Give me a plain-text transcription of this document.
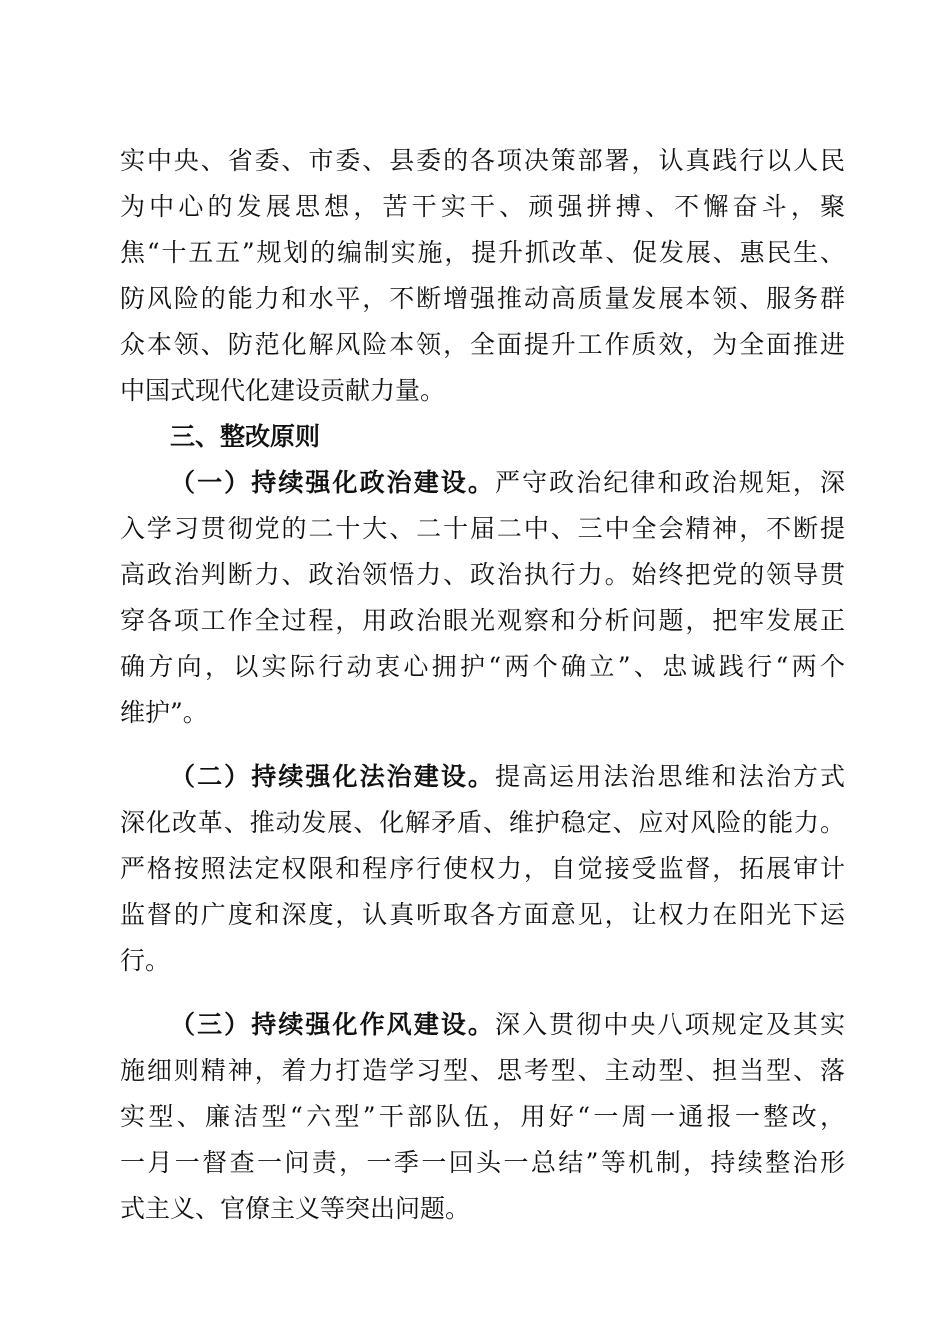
实中央、省委、市委、县委的各项决策部署，认真践行以人民
为中心的发展思想，苦干实干、顽强拼搏、不懈奋斗，聚
焦“十五五”规划的编制实施，提升抓改革、促发展、惠民生、
防风险的能力和水平，不断增强推动高质量发展本领、服务群
众本领、防范化解风险本领，全面提升工作质效，为全面推进
中国式现代化建设贡献力量。
三、整改原则
（一）持续强化政治建设。严守政治纪律和政治规矩，深
入学习贯彻党的二十大、二十届二中、三中全会精神，不断提
高政治判断力、政治领悟力、政治执行力。始终把党的领导贯
穿各项工作全过程，用政治眼光观察和分析问题，把牢发展正
确方向，以实际行动衷心拥护“两个确立”、忠诚践行“两个
维护”。
（二）持续强化法治建设。提高运用法治思维和法治方式
深化改革、推动发展、化解矛盾、维护稳定、应对风险的能力。
严格按照法定权限和程序行使权力，自觉接受监督，拓展审计
监督的广度和深度，认真听取各方面意见，让权力在阳光下运
行。
（三）持续强化作风建设。深入贯彻中央八项规定及其实
施细则精神，着力打造学习型、思考型、主动型、担当型、落
实型、廉洁型“六型”干部队伍，用好“一周一通报一整改，
一月一督查一问责，一季一回头一总结”等机制，持续整治形
式主义、官僚主义等突出问题。
